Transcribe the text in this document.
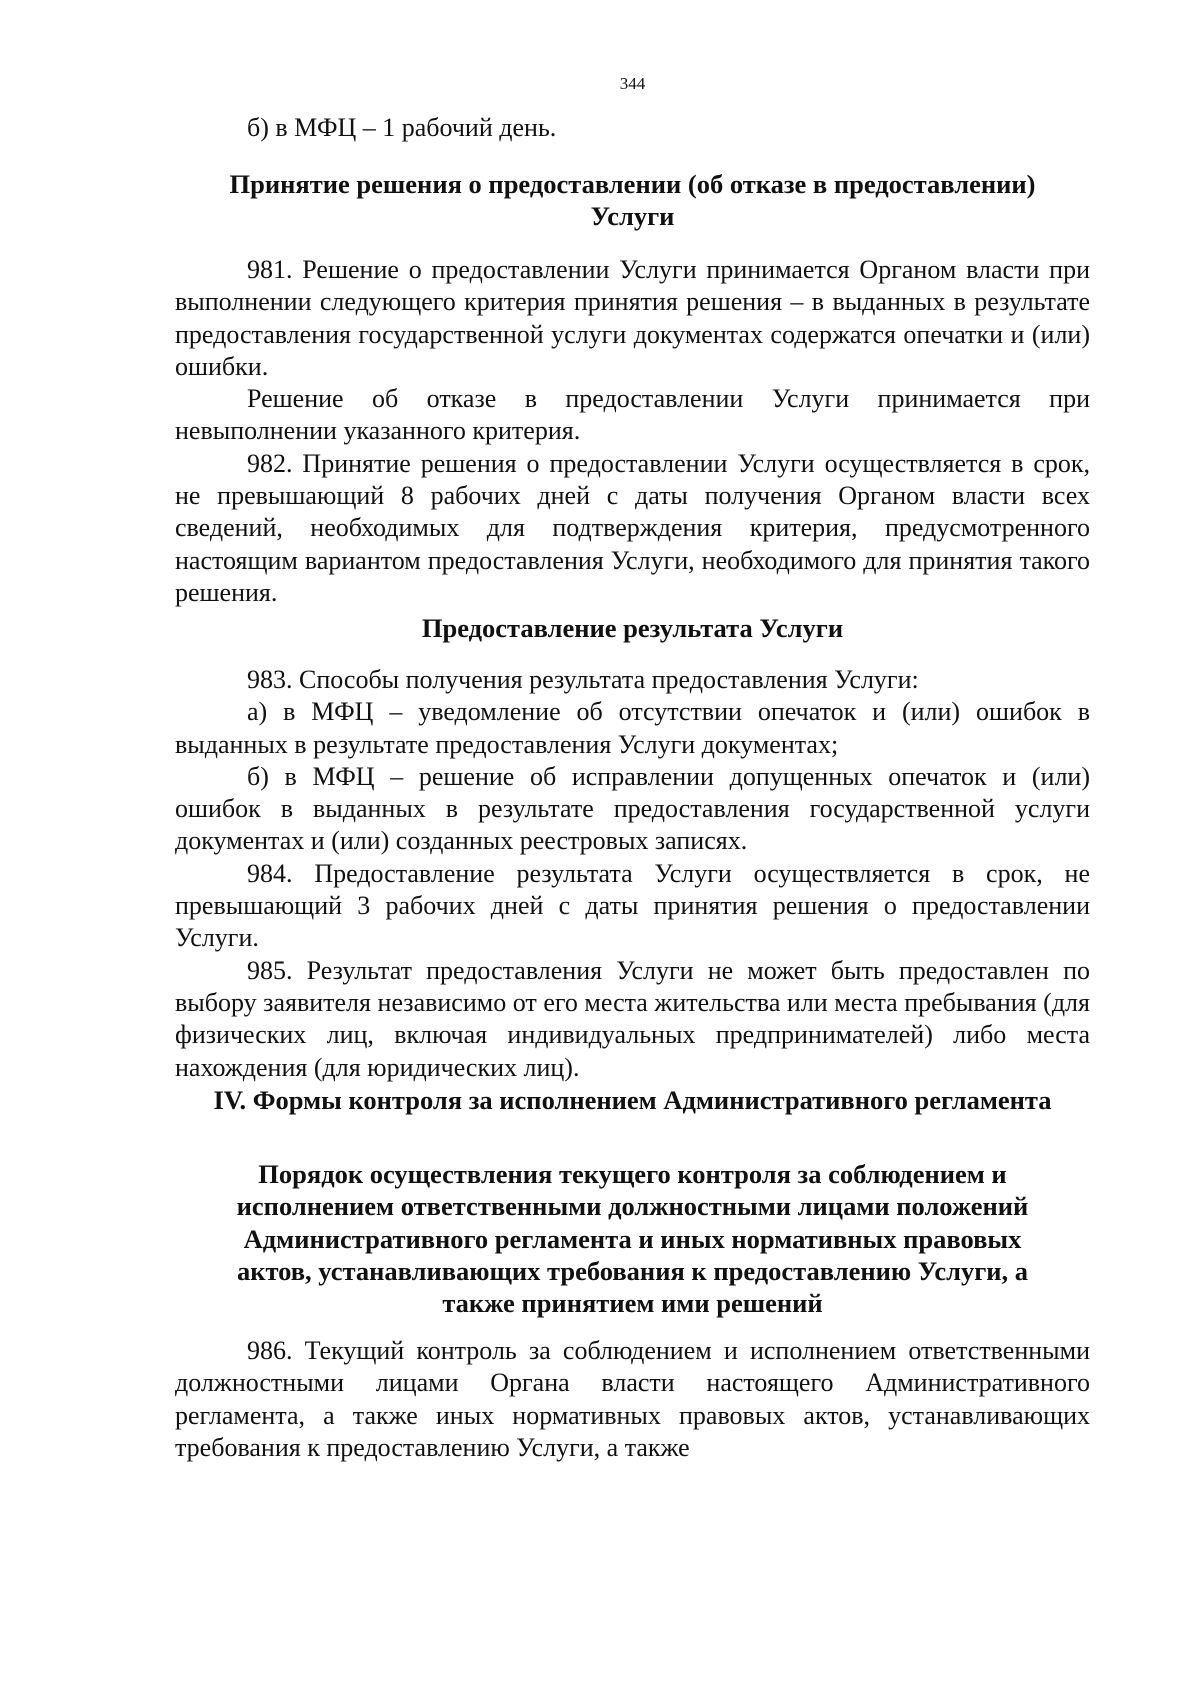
344

б) в МФЦ – 1 рабочий день.

Принятие решения о предоставлении (об отказе в предоставлении) Услуги

981. Решение о предоставлении Услуги принимается Органом власти при выполнении следующего критерия принятия решения – в выданных в результате предоставления государственной услуги документах содержатся опечатки и (или) ошибки.

Решение об отказе в предоставлении Услуги принимается при невыполнении указанного критерия.

982. Принятие решения о предоставлении Услуги осуществляется в срок, не превышающий 8 рабочих дней с даты получения Органом власти всех сведений, необходимых для подтверждения критерия, предусмотренного настоящим вариантом предоставления Услуги, необходимого для принятия такого решения.

Предоставление результата Услуги

983. Способы получения результата предоставления Услуги:

а) в МФЦ – уведомление об отсутствии опечаток и (или) ошибок в выданных в результате предоставления Услуги документах;

б) в МФЦ – решение об исправлении допущенных опечаток и (или) ошибок в выданных в результате предоставления государственной услуги документах и (или) созданных реестровых записях.

984. Предоставление результата Услуги осуществляется в срок, не превышающий 3 рабочих дней с даты принятия решения о предоставлении Услуги.

985. Результат предоставления Услуги не может быть предоставлен по выбору заявителя независимо от его места жительства или места пребывания (для физических лиц, включая индивидуальных предпринимателей) либо места нахождения (для юридических лиц).

IV. Формы контроля за исполнением Административного регламента

Порядок осуществления текущего контроля за соблюдением и исполнением ответственными должностными лицами положений Административного регламента и иных нормативных правовых актов, устанавливающих требования к предоставлению Услуги, а также принятием ими решений

986. Текущий контроль за соблюдением и исполнением ответственными должностными лицами Органа власти настоящего Административного регламента, а также иных нормативных правовых актов, устанавливающих требования к предоставлению Услуги, а также
